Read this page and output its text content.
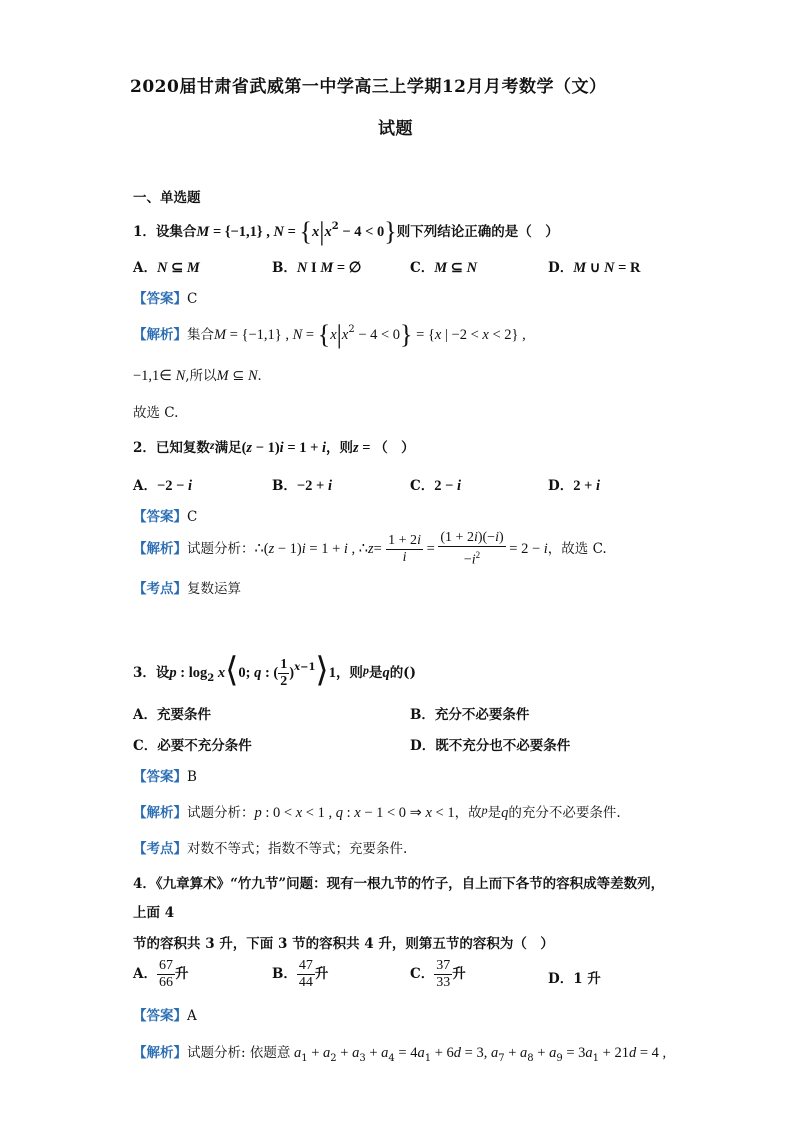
2020届甘肃省武威第一中学高三上学期12月月考数学（文）
试题
一、单选题
1．设集合M = {−1,1} , $N = \{x|x^2 - 4 < 0\}$则下列结论正确的是（　）
A．N ⊆ M	B．N I M = ∅	C．M ⊆ N	D．M ∪ N = R
【答案】C
【解析】集合M = {−1,1} , $N = \{x|x^2 - 4 < 0\} = \{x$ | −2 < x < 2} ,
−1,1∈ N,所以M ⊆ N.
故选 C.
2．已知复数z满足(z − 1)i = 1 + i，则z = （　）
A．−2 − i	B．−2 + i	C．2 − i	D．2 + i
【答案】C
【解析】试题分析：∴(z − 1)i = 1 + i , ∴z= $\frac{1 + 2i}{i} = \frac{(1 + 2i)(-i)}{-i^2} = 2 - i$，故选 C.
【考点】复数运算
3．设p : $\log_2$ x⟨0; q : ( $\frac{1}{2}$ )$^{x-1}$⟩1，则p是q的()
A．充要条件	B．充分不必要条件
C．必要不充分条件	D．既不充分也不必要条件
【答案】B
【解析】试题分析：p : 0 < x < 1 , q : x − 1 < 0 ⇒ x < 1，故p是q的充分不必要条件.
【考点】对数不等式；指数不等式；充要条件.
4．《九章算术》“竹九节”问题：现有一根九节的竹子，自上而下各节的容积成等差数列，
上面 4
节的容积共 3 升，下面 3 节的容积共 4 升，则第五节的容积为（　）
A． $\frac{67}{66}$ 升	B． $\frac{47}{44}$ 升	C． $\frac{37}{33}$ 升	D．1 升
【答案】A
【解析】试题分析: 依题意 $a_1 + a_2 + a_3 + a_4 = 4a_1 + 6d = 3$, $a_7 + a_8 + a_9 = 3a_1 + 21d = 4$ ,
